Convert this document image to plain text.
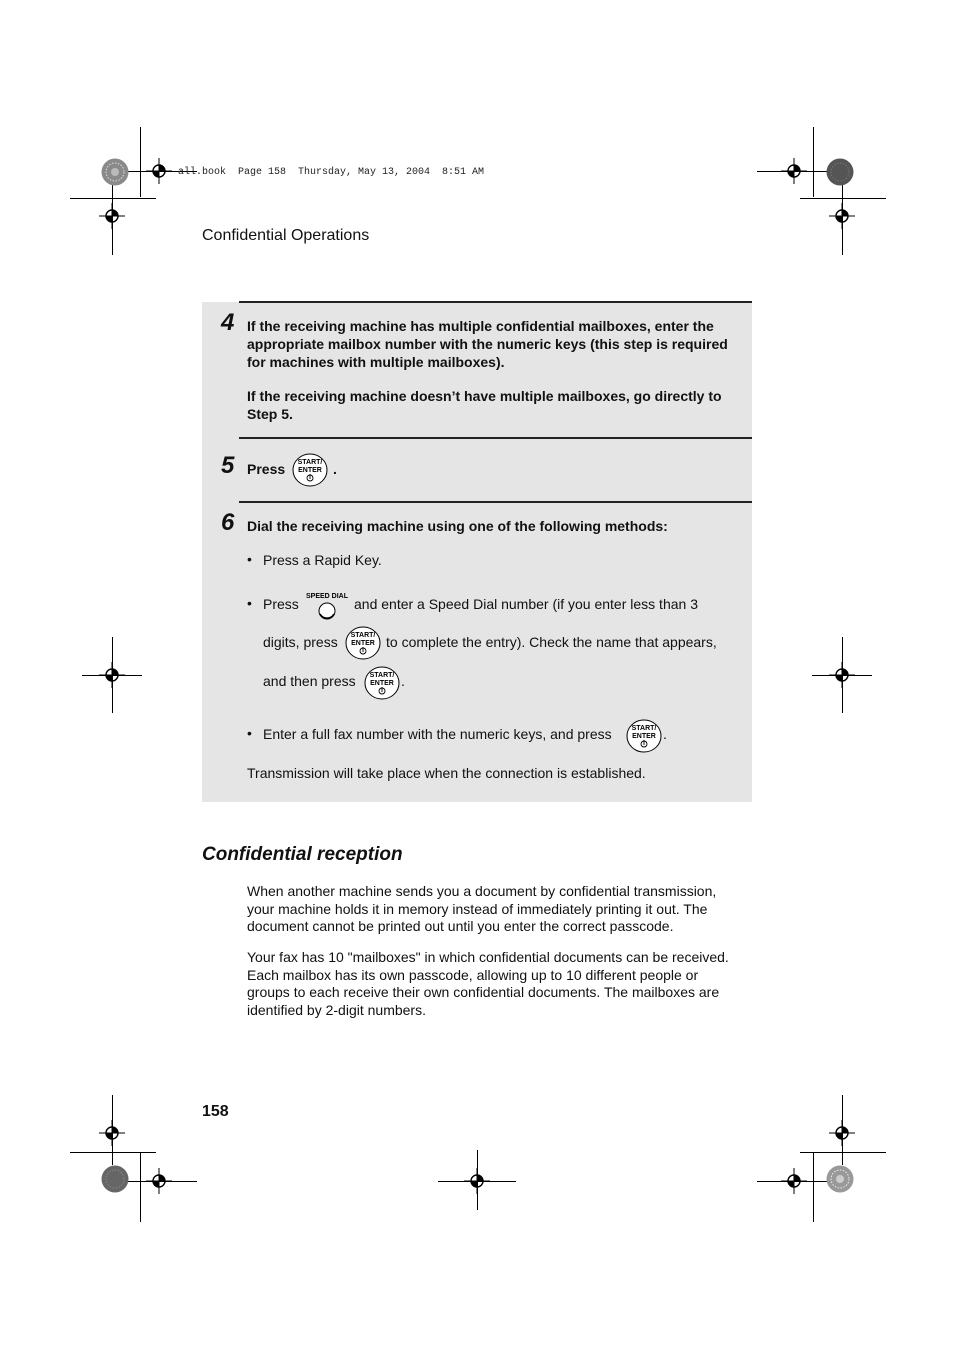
all.book  Page 158  Thursday, May 13, 2004  8:51 AM
Confidential Operations
4 If the receiving machine has multiple confidential mailboxes, enter the
appropriate mailbox number with the numeric keys (this step is required
for machines with multiple mailboxes).
If the receiving machine doesn’t have multiple mailboxes, go directly to
Step 5.
5 Press START/
ENTER .
6 Dial the receiving machine using one of the following methods:
• Press a Rapid Key.
• Press SPEED DIAL and enter a Speed Dial number (if you enter less than 3
digits, press START/
ENTER to complete the entry). Check the name that appears,
and then press START/
ENTER .
• Enter a full fax number with the numeric keys, and press	START/
ENTER .
Transmission will take place when the connection is established.
Confidential reception
When another machine sends you a document by confidential transmission,
your machine holds it in memory instead of immediately printing it out. The
document cannot be printed out until you enter the correct passcode.
Your fax has 10 "mailboxes" in which confidential documents can be received.
Each mailbox has its own passcode, allowing up to 10 different people or
groups to each receive their own confidential documents. The mailboxes are
identified by 2-digit numbers.
158
